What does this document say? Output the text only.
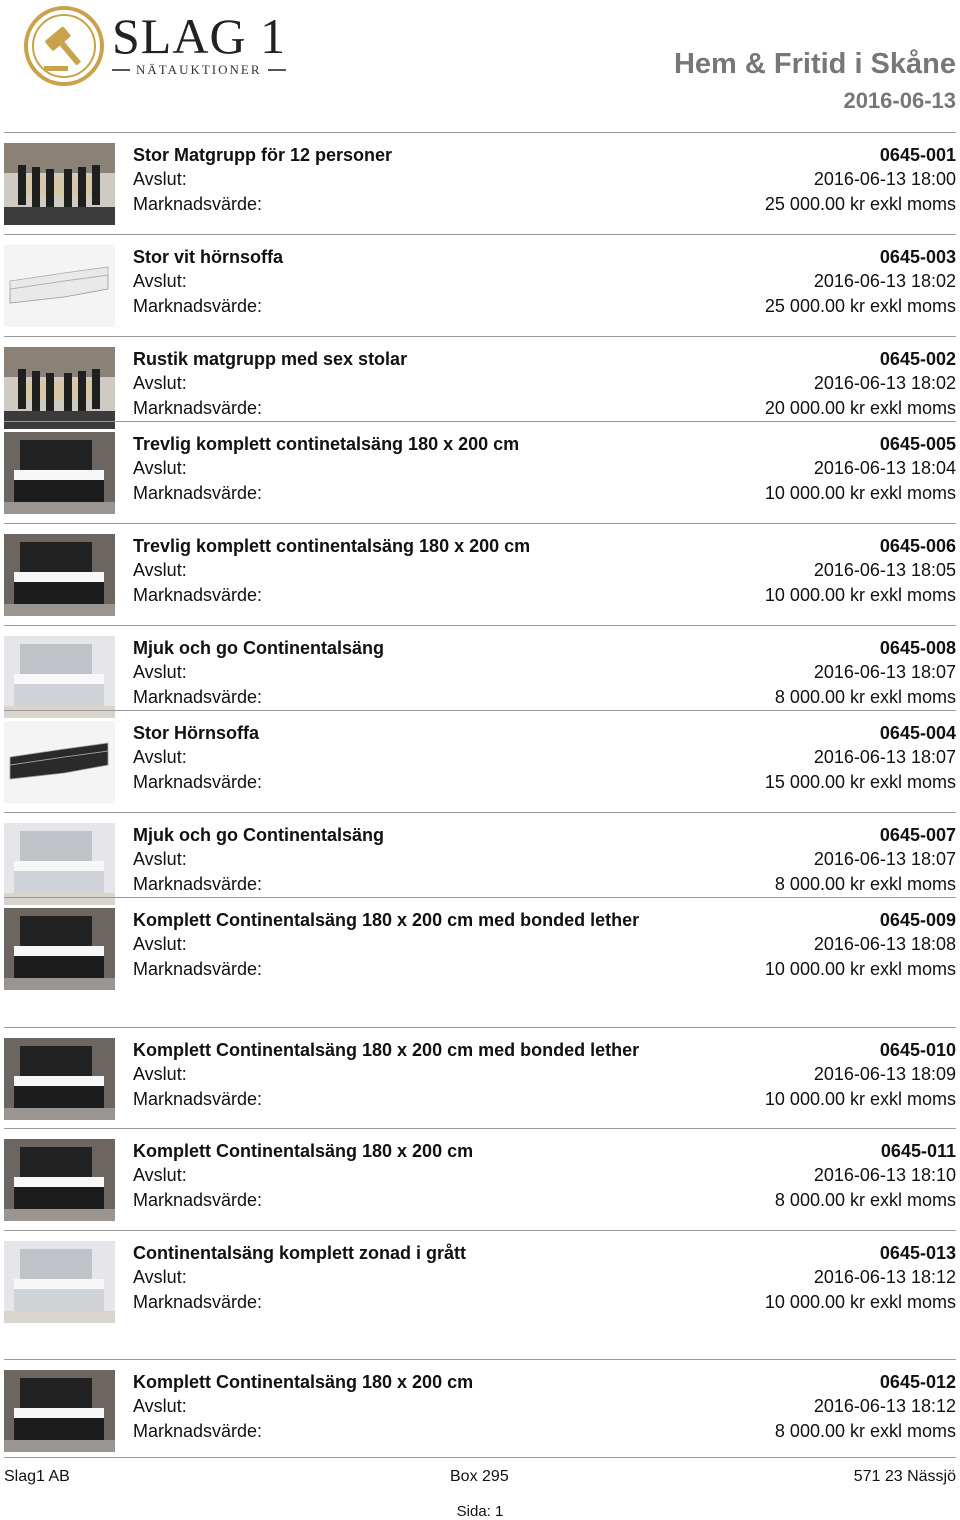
SLAG 1
NÄTAUKTIONER	Hem & Fritid i Skåne
2016-06-13
Stor Matgrupp för 12 personer	0645-001
Avslut:	2016-06-13 18:00
Marknadsvärde:	25 000.00 kr exkl moms
Stor vit hörnsoffa	0645-003
Avslut:	2016-06-13 18:02
Marknadsvärde:	25 000.00 kr exkl moms
Rustik matgrupp med sex stolar	0645-002
Avslut:	2016-06-13 18:02
Marknadsvärde:	20 000.00 kr exkl moms
Trevlig komplett continetalsäng 180 x 200 cm	0645-005
Avslut:	2016-06-13 18:04
Marknadsvärde:	10 000.00 kr exkl moms
Trevlig komplett continentalsäng 180 x 200 cm	0645-006
Avslut:	2016-06-13 18:05
Marknadsvärde:	10 000.00 kr exkl moms
Mjuk och go Continentalsäng	0645-008
Avslut:	2016-06-13 18:07
Marknadsvärde:	8 000.00 kr exkl moms
Stor Hörnsoffa	0645-004
Avslut:	2016-06-13 18:07
Marknadsvärde:	15 000.00 kr exkl moms
Mjuk och go Continentalsäng	0645-007
Avslut:	2016-06-13 18:07
Marknadsvärde:	8 000.00 kr exkl moms
Komplett Continentalsäng 180 x 200 cm med bonded lether	0645-009
Avslut:	2016-06-13 18:08
Marknadsvärde:	10 000.00 kr exkl moms
Komplett Continentalsäng 180 x 200 cm med bonded lether	0645-010
Avslut:	2016-06-13 18:09
Marknadsvärde:	10 000.00 kr exkl moms
Komplett Continentalsäng 180 x 200 cm	0645-011
Avslut:	2016-06-13 18:10
Marknadsvärde:	8 000.00 kr exkl moms
Continentalsäng komplett zonad i grått	0645-013
Avslut:	2016-06-13 18:12
Marknadsvärde:	10 000.00 kr exkl moms
Komplett Continentalsäng 180 x 200 cm	0645-012
Avslut:	2016-06-13 18:12
Marknadsvärde:	8 000.00 kr exkl moms
Slag1 AB	Box 295	571 23 Nässjö
Sida: 1
